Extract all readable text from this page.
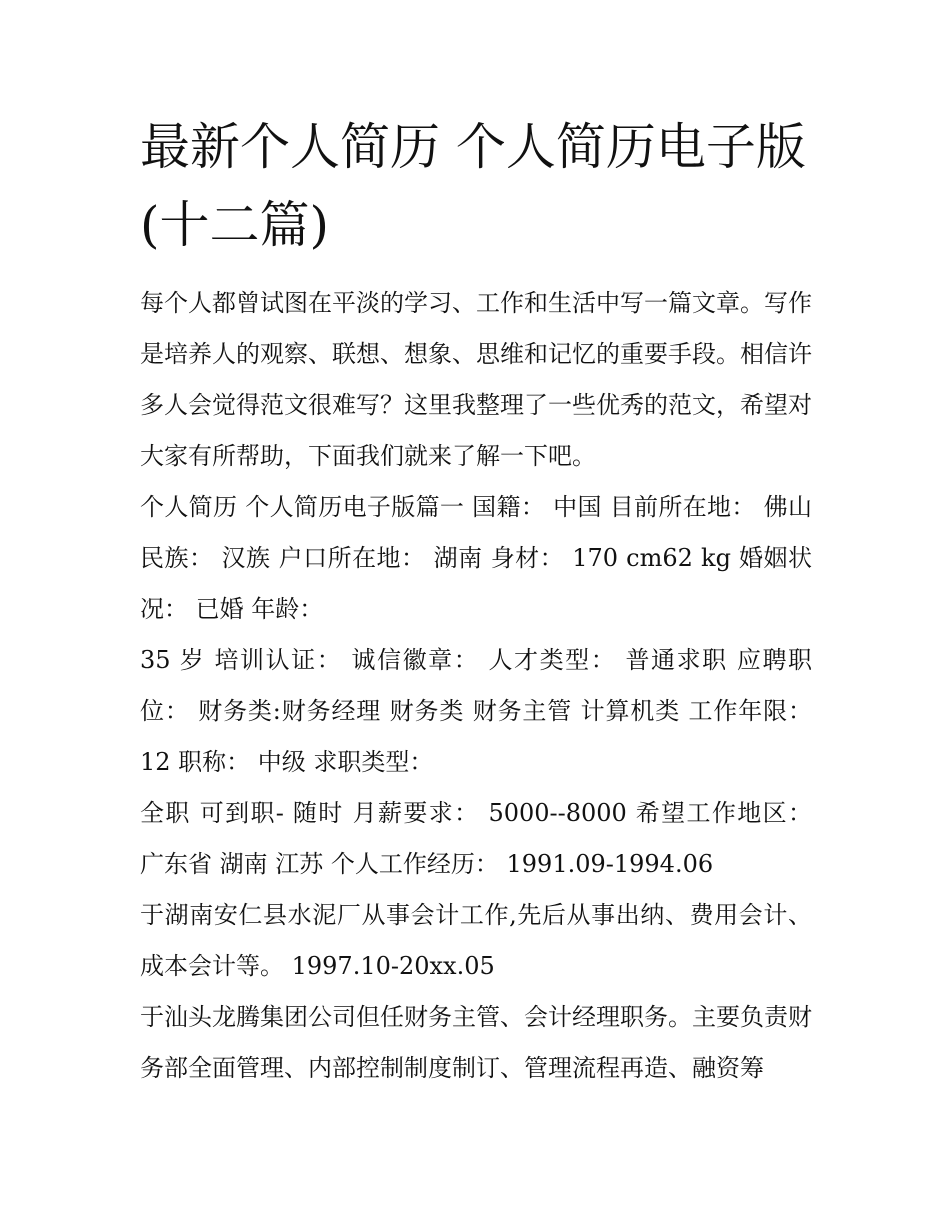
最新个人简历 个人简历电子版(十二篇)

每个人都曾试图在平淡的学习、工作和生活中写一篇文章。写作是培养人的观察、联想、想象、思维和记忆的重要手段。相信许多人会觉得范文很难写？这里我整理了一些优秀的范文，希望对大家有所帮助，下面我们就来了解一下吧。

个人简历 个人简历电子版篇一 国籍： 中国 目前所在地： 佛山 民族： 汉族 户口所在地： 湖南 身材： 170 cm62 kg 婚姻状况： 已婚 年龄：

35 岁 培训认证： 诚信徽章： 人才类型： 普通求职 应聘职位： 财务类:财务经理 财务类 财务主管 计算机类 工作年限：12 职称： 中级 求职类型：

全职 可到职- 随时 月薪要求： 5000--8000 希望工作地区： 广东省 湖南 江苏 个人工作经历： 1991.09-1994.06

于湖南安仁县水泥厂从事会计工作,先后从事出纳、费用会计、成本会计等。 1997.10-20xx.05

于汕头龙腾集团公司但任财务主管、会计经理职务。主要负责财务部全面管理、内部控制制度制订、管理流程再造、融资筹
